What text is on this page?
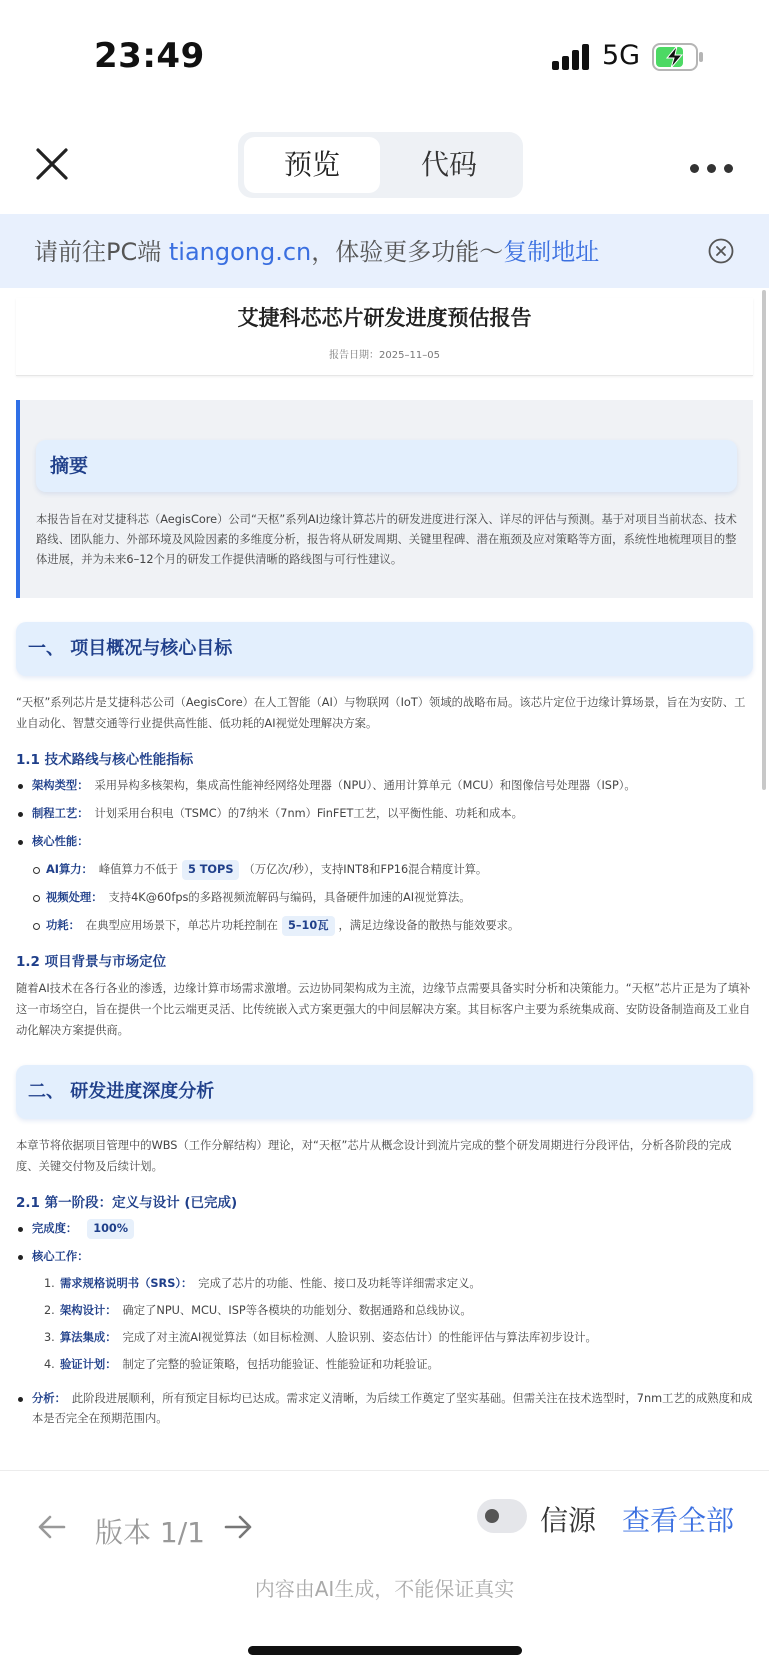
23:49	5G
预览	代码
请前往PC端 tiangong.cn，体验更多功能～复制地址
艾捷科芯芯片研发进度预估报告
报告日期：2025–11–05
摘要
本报告旨在对艾捷科芯（AegisCore）公司“天枢”系列AI边缘计算芯片的研发进度进行深入、详尽的评估与预测。基于对项目当前状态、技术路线、团队能力、外部环境及风险因素的多维度分析，报告将从研发周期、关键里程碑、潜在瓶颈及应对策略等方面，系统性地梳理项目的整体进展，并为未来6–12个月的研发工作提供清晰的路线图与可行性建议。
一、 项目概况与核心目标
“天枢”系列芯片是艾捷科芯公司（AegisCore）在人工智能（AI）与物联网（IoT）领域的战略布局。该芯片定位于边缘计算场景，旨在为安防、工业自动化、智慧交通等行业提供高性能、低功耗的AI视觉处理解决方案。
1.1 技术路线与核心性能指标
架构类型： 采用异构多核架构，集成高性能神经网络处理器（NPU）、通用计算单元（MCU）和图像信号处理器（ISP）。
制程工艺： 计划采用台积电（TSMC）的7纳米（7nm）FinFET工艺，以平衡性能、功耗和成本。
核心性能：
AI算力： 峰值算力不低于 5 TOPS （万亿次/秒），支持INT8和FP16混合精度计算。
视频处理： 支持4K@60fps的多路视频流解码与编码，具备硬件加速的AI视觉算法。
功耗： 在典型应用场景下，单芯片功耗控制在 5–10瓦 ，满足边缘设备的散热与能效要求。
1.2 项目背景与市场定位
随着AI技术在各行各业的渗透，边缘计算市场需求激增。云边协同架构成为主流，边缘节点需要具备实时分析和决策能力。“天枢”芯片正是为了填补这一市场空白，旨在提供一个比云端更灵活、比传统嵌入式方案更强大的中间层解决方案。其目标客户主要为系统集成商、安防设备制造商及工业自动化解决方案提供商。
二、 研发进度深度分析
本章节将依据项目管理中的WBS（工作分解结构）理论，对“天枢”芯片从概念设计到流片完成的整个研发周期进行分段评估，分析各阶段的完成度、关键交付物及后续计划。
2.1 第一阶段：定义与设计 (已完成)
完成度： 100%
核心工作：
1. 需求规格说明书（SRS）： 完成了芯片的功能、性能、接口及功耗等详细需求定义。
2. 架构设计： 确定了NPU、MCU、ISP等各模块的功能划分、数据通路和总线协议。
3. 算法集成： 完成了对主流AI视觉算法（如目标检测、人脸识别、姿态估计）的性能评估与算法库初步设计。
4. 验证计划： 制定了完整的验证策略，包括功能验证、性能验证和功耗验证。
分析： 此阶段进展顺利，所有预定目标均已达成。需求定义清晰，为后续工作奠定了坚实基础。但需关注在技术选型时，7nm工艺的成熟度和成本是否完全在预期范围内。
版本 1/1	信源 查看全部
内容由AI生成，不能保证真实
